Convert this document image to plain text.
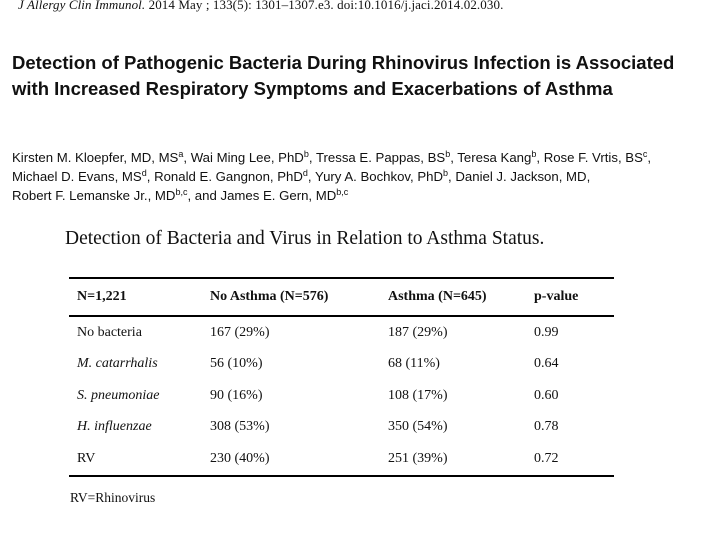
J Allergy Clin Immunol. 2014 May ; 133(5): 1301–1307.e3. doi:10.1016/j.jaci.2014.02.030.
Detection of Pathogenic Bacteria During Rhinovirus Infection is Associated with Increased Respiratory Symptoms and Exacerbations of Asthma
Kirsten M. Kloepfer, MD, $MS^a$, Wai Ming Lee, PhD$^b$, Tressa E. Pappas, $BS^b$, Teresa Kang$^b$, Rose F. Vrtis, $BS^c$, Michael D. Evans, $MS^d$, Ronald E. Gangnon, PhD$^d$, Yury A. Bochkov, PhD$^b$, Daniel J. Jackson, MD, Robert F. Lemanske Jr., MD$^{b,c}$, and James E. Gern, MD$^{b,c}$
Detection of Bacteria and Virus in Relation to Asthma Status.
N=1,221	No Asthma (N=576)	Asthma (N=645)	p-value
No bacteria	167 (29%)	187 (29%)	0.99
M. catarrhalis	56 (10%)	68 (11%)	0.64
S. pneumoniae	90 (16%)	108 (17%)	0.60
H. influenzae	308 (53%)	350 (54%)	0.78
RV	230 (40%)	251 (39%)	0.72
RV=Rhinovirus
